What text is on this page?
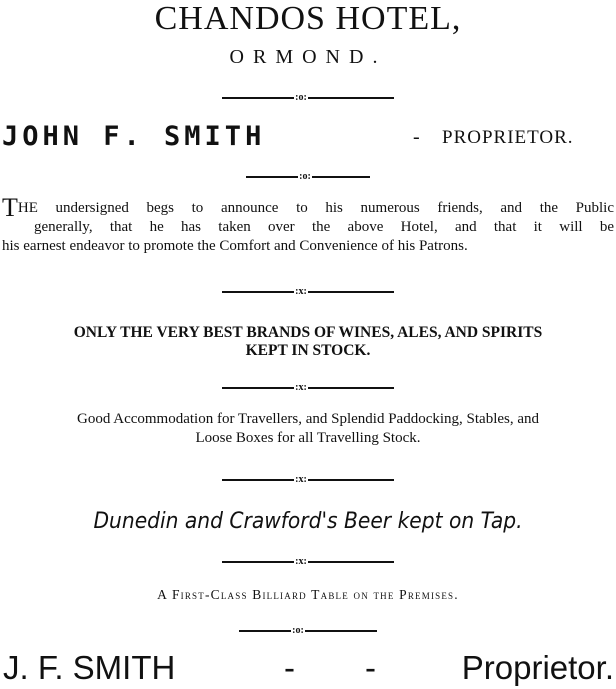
CHANDOS HOTEL,
ORMOND.
:o:
JOHN F. SMITH	- PROPRIETOR.
:o:
THE undersigned begs to announce to his numerous friends, and the Public
generally, that he has taken over the above Hotel, and that it will be
his earnest endeavor to promote the Comfort and Convenience of his Patrons.
:x:
ONLY THE VERY BEST BRANDS OF WINES, ALES, AND SPIRITS
KEPT IN STOCK.
:x:
Good Accommodation for Travellers, and Splendid Paddocking, Stables, and
Loose Boxes for all Travelling Stock.
:x:
Dunedin and Crawford's Beer kept on Tap.
:x:
A First-Class Billiard Table on the Premises.
:o:
J. F. SMITH	- -	Proprietor.
